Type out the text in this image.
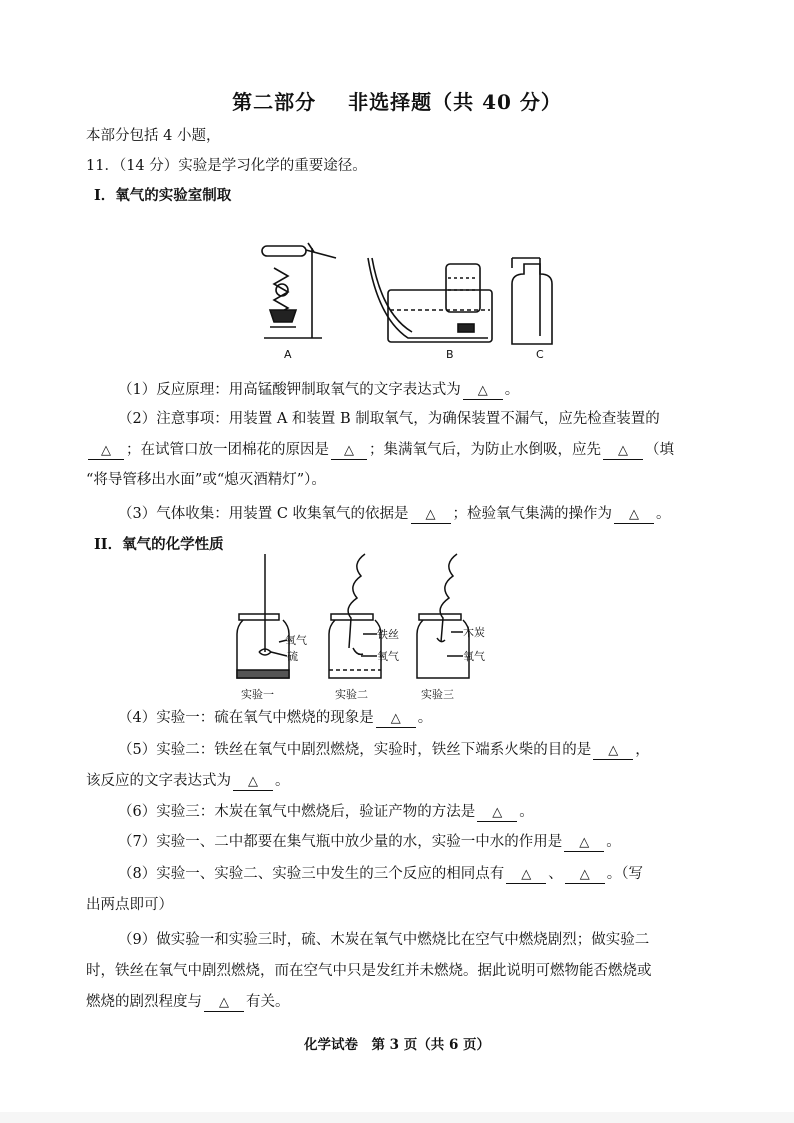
第二部分 非选择题（共 40 分）
本部分包括 4 小题，
11．（14 分）实验是学习化学的重要途径。
I．氧气的实验室制取
A	B	C
（1）反应原理：用高锰酸钾制取氧气的文字表达式为 △ 。
（2）注意事项：用装置 A 和装置 B 制取氧气，为确保装置不漏气，应先检查装置的
△ ；在试管口放一团棉花的原因是 △ ；集满氧气后，为防止水倒吸，应先 △ （填
“将导管移出水面”或“熄灭酒精灯”）。
（3）气体收集：用装置 C 收集氧气的依据是 △ ；检验氧气集满的操作为 △ 。
II．氧气的化学性质
氧气
硫
铁丝
氧气
木炭
氧气
实验一	实验二	实验三
（4）实验一：硫在氧气中燃烧的现象是 △ 。
（5）实验二：铁丝在氧气中剧烈燃烧，实验时，铁丝下端系火柴的目的是 △ ，
该反应的文字表达式为 △ 。
（6）实验三：木炭在氧气中燃烧后，验证产物的方法是 △ 。
（7）实验一、二中都要在集气瓶中放少量的水，实验一中水的作用是 △ 。
（8）实验一、实验二、实验三中发生的三个反应的相同点有 △ 、 △ 。（写
出两点即可）
（9）做实验一和实验三时，硫、木炭在氧气中燃烧比在空气中燃烧剧烈；做实验二
时，铁丝在氧气中剧烈燃烧，而在空气中只是发红并未燃烧。据此说明可燃物能否燃烧或
燃烧的剧烈程度与 △ 有关。
化学试卷　第 3 页（共 6 页）
